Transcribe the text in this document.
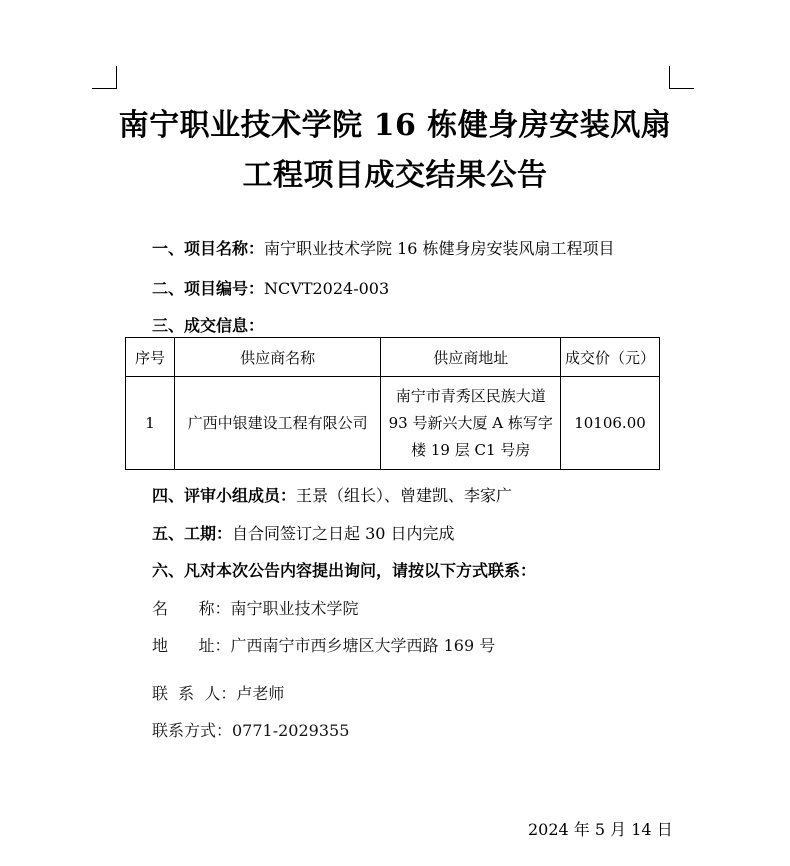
南宁职业技术学院 16 栋健身房安装风扇
工程项目成交结果公告
一、项目名称：南宁职业技术学院 16 栋健身房安装风扇工程项目
二、项目编号：NCVT2024-003
三、成交信息：
序号	供应商名称	供应商地址	成交价（元）
1	广西中银建设工程有限公司	南宁市青秀区民族大道
93 号新兴大厦 A 栋写字
楼 19 层 C1 号房	10106.00
四、评审小组成员：王景（组长）、曾建凯、李家广
五、工期：自合同签订之日起 30 日内完成
六、凡对本次公告内容提出询问，请按以下方式联系：
名      称：南宁职业技术学院
地      址：广西南宁市西乡塘区大学西路 169 号
联  系  人：卢老师
联系方式：0771-2029355
2024 年 5 月 14 日
